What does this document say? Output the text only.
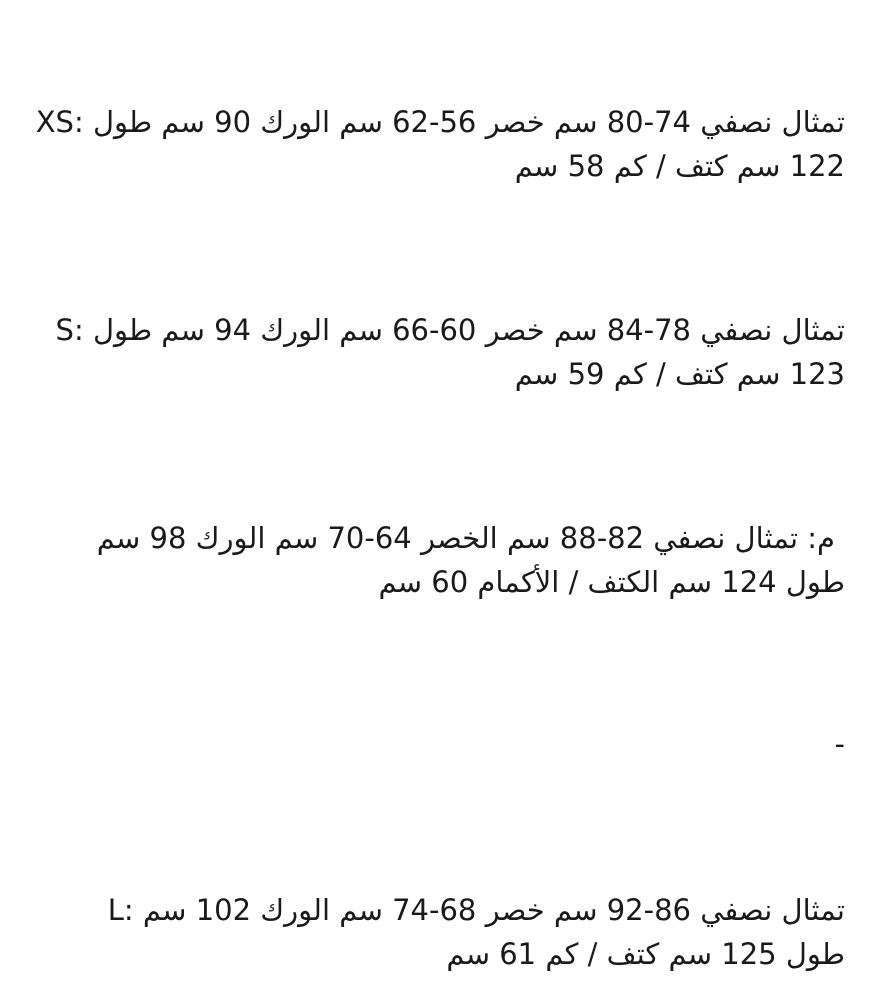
تمثال نصفي 74-80 سم خصر 56-62 سم الورك 90 سم طول :XS
122 سم كتف / كم 58 سم
تمثال نصفي 78-84 سم خصر 60-66 سم الورك 94 سم طول :S
123 سم كتف / كم 59 سم
م: تمثال نصفي 82-88 سم الخصر 64-70 سم الورك 98 سم
طول 124 سم الكتف / الأكمام 60 سم
-
تمثال نصفي 86-92 سم خصر 68-74 سم الورك 102 سم :L
طول 125 سم كتف / كم 61 سم
